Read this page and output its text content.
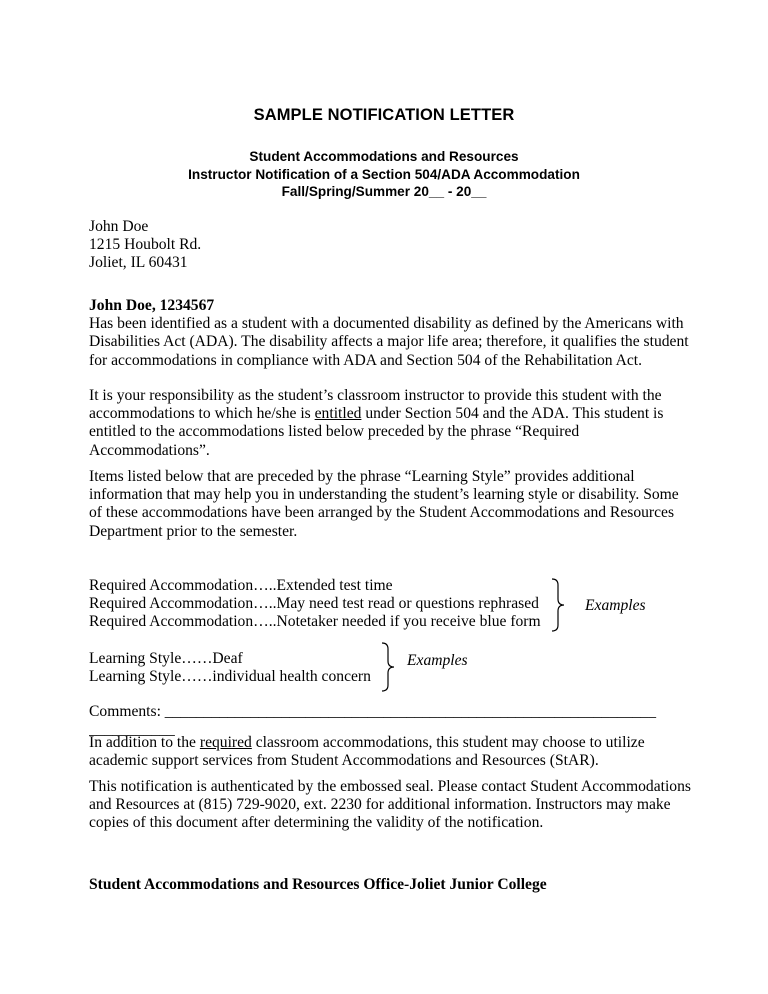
SAMPLE NOTIFICATION LETTER
Student Accommodations and Resources
Instructor Notification of a Section 504/ADA Accommodation
Fall/Spring/Summer 20__ - 20__
John Doe
1215 Houbolt Rd.
Joliet, IL 60431
John Doe, 1234567
Has been identified as a student with a documented disability as defined by the Americans with
Disabilities Act (ADA). The disability affects a major life area; therefore, it qualifies the student
for accommodations in compliance with ADA and Section 504 of the Rehabilitation Act.
It is your responsibility as the student’s classroom instructor to provide this student with the
accommodations to which he/she is entitled under Section 504 and the ADA. This student is
entitled to the accommodations listed below preceded by the phrase “Required
Accommodations”.
Items listed below that are preceded by the phrase “Learning Style” provides additional
information that may help you in understanding the student’s learning style or disability. Some
of these accommodations have been arranged by the Student Accommodations and Resources
Department prior to the semester.
Required Accommodation…..Extended test time
Required Accommodation…..May need test read or questions rephrased
Required Accommodation…..Notetaker needed if you receive blue form
Examples
Learning Style……Deaf
Learning Style……individual health concern
Examples
Comments: _______________________________________________________________ ___________
In addition to the required classroom accommodations, this student may choose to utilize
academic support services from Student Accommodations and Resources (StAR).
This notification is authenticated by the embossed seal. Please contact Student Accommodations
and Resources at (815) 729-9020, ext. 2230 for additional information. Instructors may make
copies of this document after determining the validity of the notification.
Student Accommodations and Resources Office-Joliet Junior College
